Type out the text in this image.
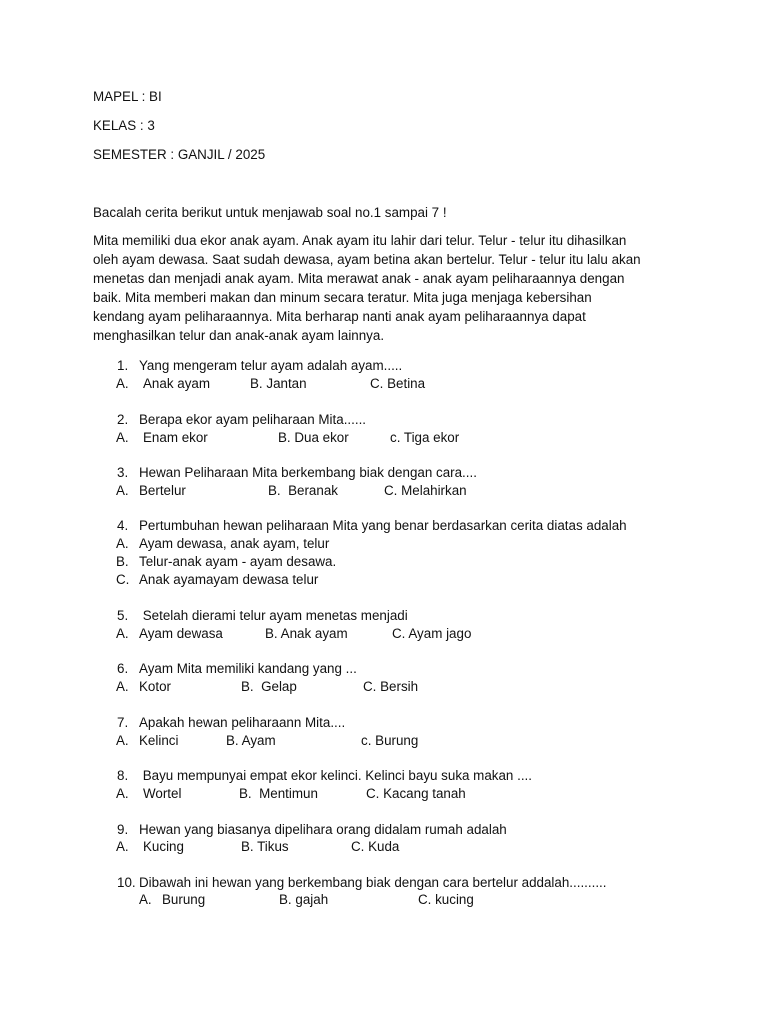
MAPEL : BI
KELAS : 3
SEMESTER : GANJIL / 2025
Bacalah cerita berikut untuk menjawab soal no.1 sampai 7 !
Mita memiliki dua ekor anak ayam. Anak ayam itu lahir dari telur. Telur - telur itu dihasilkan
oleh ayam dewasa. Saat sudah dewasa, ayam betina akan bertelur. Telur - telur itu lalu akan
menetas dan menjadi anak ayam. Mita merawat anak - anak ayam peliharaannya dengan
baik. Mita memberi makan dan minum secara teratur. Mita juga menjaga kebersihan
kendang ayam peliharaannya. Mita berharap nanti anak ayam peliharaannya dapat
menghasilkan telur dan anak-anak ayam lainnya.
1. Yang mengeram telur ayam adalah ayam.....
A. Anak ayam	B. Jantan	C. Betina
2. Berapa ekor ayam peliharaan Mita......
A. Enam ekor	B. Dua ekor	c. Tiga ekor
3. Hewan Peliharaan Mita berkembang biak dengan cara....
A. Bertelur	B.  Beranak	C. Melahirkan
4. Pertumbuhan hewan peliharaan Mita yang benar berdasarkan cerita diatas adalah
A. Ayam dewasa, anak ayam, telur
B. Telur-anak ayam - ayam desawa.
C. Anak ayamayam dewasa telur
5. Setelah dierami telur ayam menetas menjadi
A. Ayam dewasa	B. Anak ayam	C. Ayam jago
6. Ayam Mita memiliki kandang yang ...
A. Kotor	B.  Gelap	C. Bersih
7. Apakah hewan peliharaann Mita....
A. Kelinci	B. Ayam	c. Burung
8. Bayu mempunyai empat ekor kelinci. Kelinci bayu suka makan ....
A. Wortel	B.  Mentimun	C. Kacang tanah
9. Hewan yang biasanya dipelihara orang didalam rumah adalah
A. Kucing	B. Tikus	C. Kuda
10. Dibawah ini hewan yang berkembang biak dengan cara bertelur addalah..........
A. Burung	B. gajah	C. kucing
